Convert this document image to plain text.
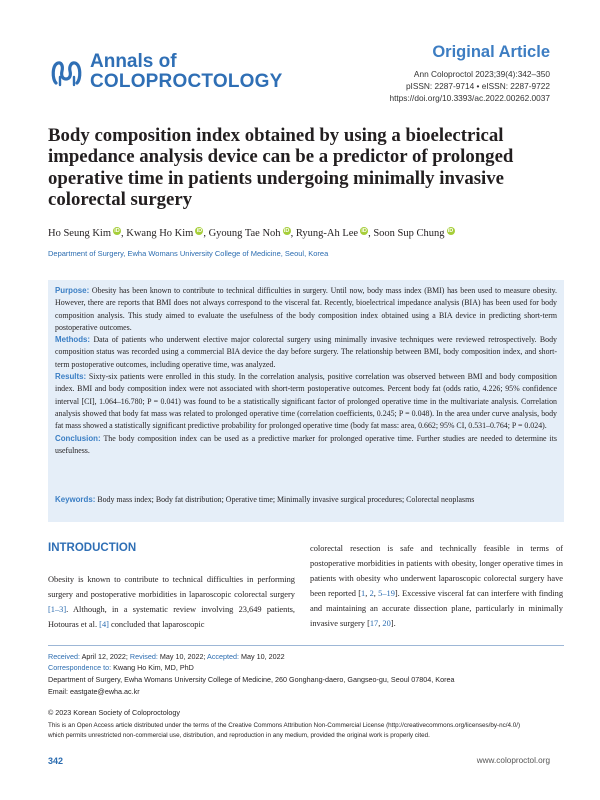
Annals of
COLOPROCTOLOGY
Original Article
Ann Coloproctol 2023;39(4):342–350
pISSN: 2287-9714 • eISSN: 2287-9722
https://doi.org/10.3393/ac.2022.00262.0037
Body composition index obtained by using a bioelectrical impedance analysis device can be a predictor of prolonged operative time in patients undergoing minimally invasive colorectal surgery
Ho Seung Kim iD, Kwang Ho Kim iD, Gyoung Tae Noh iD, Ryung-Ah Lee iD, Soon Sup Chung iD
Department of Surgery, Ewha Womans University College of Medicine, Seoul, Korea
Purpose: Obesity has been known to contribute to technical difficulties in surgery. Until now, body mass index (BMI) has been used to measure obesity. However, there are reports that BMI does not always correspond to the visceral fat. Recently, bioelectrical impedance analysis (BIA) has been used for body composition analysis. This study aimed to evaluate the usefulness of the body composition index obtained using a BIA device in predicting short-term postoperative outcomes.
Methods: Data of patients who underwent elective major colorectal surgery using minimally invasive techniques were reviewed retrospectively. Body composition status was recorded using a commercial BIA device the day before surgery. The relationship between BMI, body composition index, and short-term postoperative outcomes, including operative time, was analyzed.
Results: Sixty-six patients were enrolled in this study. In the correlation analysis, positive correlation was observed between BMI and body composition index. BMI and body composition index were not associated with short-term postoperative outcomes. Percent body fat (odds ratio, 4.226; 95% confidence interval [CI], 1.064–16.780; P = 0.041) was found to be a statistically significant factor of prolonged operative time in the multivariate analysis. Correlation analysis showed that body fat mass was related to prolonged operative time (correlation coefficients, 0.245; P = 0.048). In the area under curve analysis, body fat mass showed a statistically significant predictive probability for prolonged operative time (body fat mass: area, 0.662; 95% CI, 0.531–0.764; P = 0.024).
Conclusion: The body composition index can be used as a predictive marker for prolonged operative time. Further studies are needed to determine its usefulness.
Keywords: Body mass index; Body fat distribution; Operative time; Minimally invasive surgical procedures; Colorectal neoplasms
INTRODUCTION
Obesity is known to contribute to technical difficulties in performing surgery and postoperative morbidities in laparoscopic colorectal surgery [1–3]. Although, in a systematic review involving 23,649 patients, Hotouras et al. [4] concluded that laparoscopic
colorectal resection is safe and technically feasible in terms of postoperative morbidities in patients with obesity, longer operative times in patients with obesity who underwent laparoscopic colorectal surgery have been reported [1, 2, 5–19]. Excessive visceral fat can interfere with finding and maintaining an accurate dissection plane, particularly in minimally invasive surgery [17, 20].
Received: April 12, 2022; Revised: May 10, 2022; Accepted: May 10, 2022
Correspondence to: Kwang Ho Kim, MD, PhD
Department of Surgery, Ewha Womans University College of Medicine, 260 Gonghang-daero, Gangseo-gu, Seoul 07804, Korea
Email: eastgate@ewha.ac.kr
© 2023 Korean Society of Coloproctology
This is an Open Access article distributed under the terms of the Creative Commons Attribution Non-Commercial License (http://creativecommons.org/licenses/by-nc/4.0/)
which permits unrestricted non-commercial use, distribution, and reproduction in any medium, provided the original work is properly cited.
342	www.coloproctol.org
